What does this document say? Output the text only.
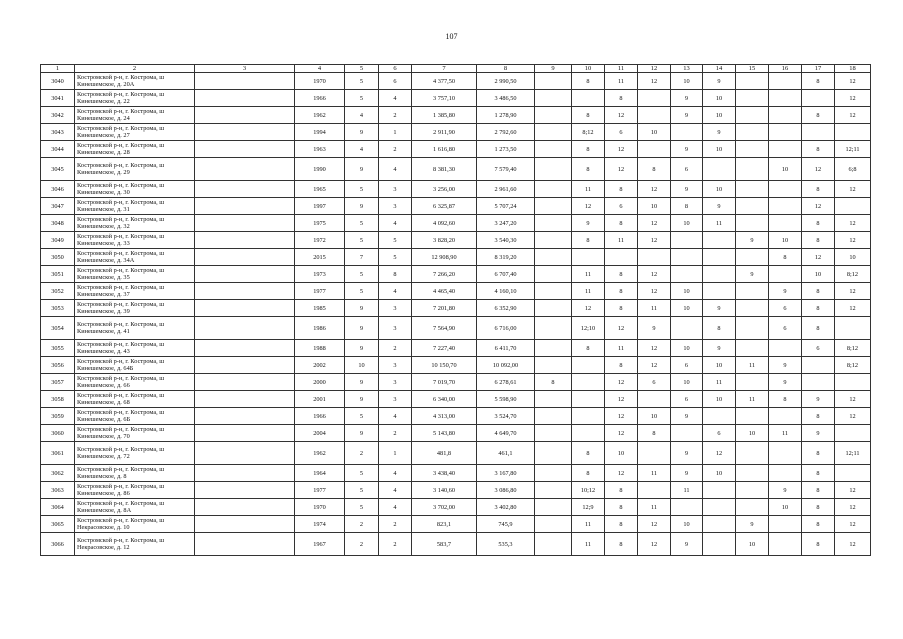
107
1	2	3	4	5	6	7	8	9	10	11	12	13	14	15	16	17	18
3040	Костромской р-н, г. Кострома, ш Кинешемское, д. 20А		1970	5	6	4 377,50	2 990,50		8	11	12	10	9			8	12
3041	Костромской р-н, г. Кострома, ш Кинешемское, д. 22		1966	5	4	3 757,10	3 486,50			8		9	10				12
3042	Костромской р-н, г. Кострома, ш Кинешемское, д. 24		1962	4	2	1 385,80	1 278,90		8	12		9	10			8	12
3043	Костромской р-н, г. Кострома, ш Кинешемское, д. 27		1994	9	1	2 911,90	2 792,60		8;12	6	10		9				
3044	Костромской р-н, г. Кострома, ш Кинешемское, д. 28		1963	4	2	1 616,80	1 273,50		8	12		9	10			8	12;11
3045	Костромской р-н, г. Кострома, ш Кинешемское, д. 29		1990	9	4	8 381,30	7 579,40		8	12	8	6			10	12	6;8
3046	Костромской р-н, г. Кострома, ш Кинешемское, д. 30		1965	5	3	3 256,00	2 961,60		11	8	12	9	10			8	12
3047	Костромской р-н, г. Кострома, ш Кинешемское, д. 31		1997	9	3	6 325,87	5 707,24		12	6	10	8	9			12	
3048	Костромской р-н, г. Кострома, ш Кинешемское, д. 32		1975	5	4	4 092,60	3 247,20		9	8	12	10	11			8	12
3049	Костромской р-н, г. Кострома, ш Кинешемское, д. 33		1972	5	5	3 828,20	3 540,30		8	11	12			9	10	8	12
3050	Костромской р-н, г. Кострома, ш Кинешемское, д. 34А		2015	7	5	12 908,90	8 319,20								8	12	10
3051	Костромской р-н, г. Кострома, ш Кинешемское, д. 35		1973	5	8	7 266,20	6 707,40		11	8	12			9		10	8;12
3052	Костромской р-н, г. Кострома, ш Кинешемское, д. 37		1977	5	4	4 465,40	4 160,10		11	8	12	10			9	8	12
3053	Костромской р-н, г. Кострома, ш Кинешемское, д. 39		1985	9	3	7 201,80	6 352,90		12	8	11	10	9		6	8	12
3054	Костромской р-н, г. Кострома, ш Кинешемское, д. 41		1986	9	3	7 564,90	6 716,00		12;10	12	9		8		6	8	
3055	Костромской р-н, г. Кострома, ш Кинешемское, д. 43		1988	9	2	7 227,40	6 411,70		8	11	12	10	9			6	8;12
3056	Костромской р-н, г. Кострома, ш Кинешемское, д. 64Б		2002	10	3	10 150,70	10 092,00			8	12	6	10	11	9		8;12
3057	Костромской р-н, г. Кострома, ш Кинешемское, д. 66		2000	9	3	7 019,70	6 278,61	8		12	6	10	11		9		
3058	Костромской р-н, г. Кострома, ш Кинешемское, д. 68		2001	9	3	6 340,00	5 598,90			12		6	10	11	8	9	12
3059	Костромской р-н, г. Кострома, ш Кинешемское, д. 6Б		1966	5	4	4 313,00	3 524,70			12	10	9				8	12
3060	Костромской р-н, г. Кострома, ш Кинешемское, д. 70		2004	9	2	5 143,80	4 649,70			12	8		6	10	11	9	
3061	Костромской р-н, г. Кострома, ш Кинешемское, д. 72		1962	2	1	481,8	461,1		8	10		9	12			8	12;11
3062	Костромской р-н, г. Кострома, ш Кинешемское, д. 8		1964	5	4	3 438,40	3 167,80		8	12	11	9	10			8	
3063	Костромской р-н, г. Кострома, ш Кинешемское, д. 86		1977	5	4	3 140,60	3 086,80		10;12	8		11			9	8	12
3064	Костромской р-н, г. Кострома, ш Кинешемское, д. 8А		1970	5	4	3 702,00	3 402,80		12;9	8	11				10	8	12
3065	Костромской р-н, г. Кострома, ш Некрасовское, д. 10		1974	2	2	823,1	745,9		11	8	12	10		9		8	12
3066	Костромской р-н, г. Кострома, ш Некрасовское, д. 12		1967	2	2	583,7	535,3		11	8	12	9		10		8	12
